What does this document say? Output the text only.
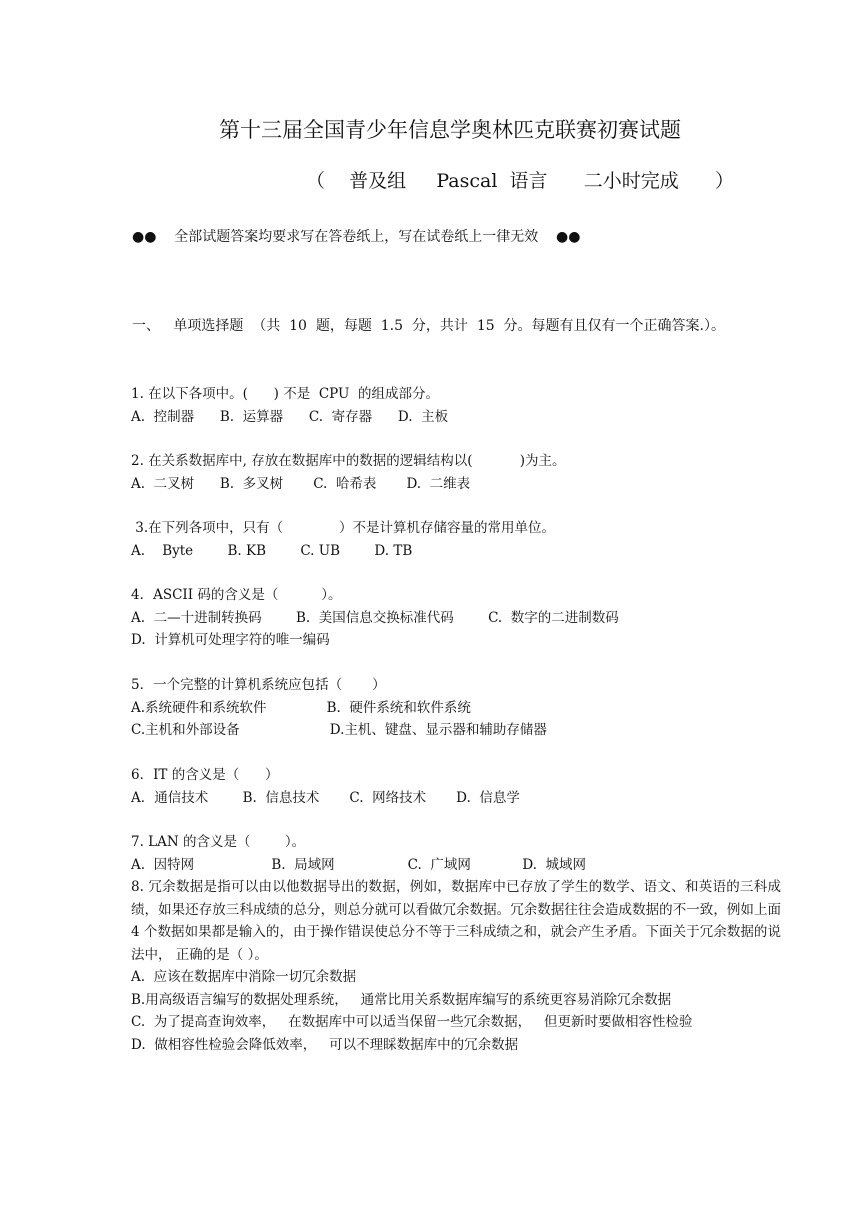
第十三届全国青少年信息学奥林匹克联赛初赛试题
（    普及组     Pascal  语言      二小时完成      ）
●●    全部试题答案均要求写在答卷纸上，写在试卷纸上一律无效    ●●
一、   单项选择题  （共  10  题，每题  1.5  分，共计  15  分。每题有且仅有一个正确答案.）。
1. 在以下各项中。(      ) 不是  CPU  的组成部分。
A.  控制器      B.  运算器      C.  寄存器      D.  主板
2. 在关系数据库中, 存放在数据库中的数据的逻辑结构以(           )为主。
A.  二叉树      B.  多叉树       C.  哈希表       D.  二维表
3.在下列各项中，只有（             ）不是计算机存储容量的常用单位。
A.    Byte        B. KB        C. UB        D. TB
4．ASCII 码的含义是（          ）。
A.  二—十进制转换码        B.  美国信息交换标准代码        C.  数字的二进制数码
D.  计算机可处理字符的唯一编码
5．一个完整的计算机系统应包括（       ）
A.系统硬件和系统软件              B.  硬件系统和软件系统
C.主机和外部设备                     D.主机、键盘、显示器和辅助存储器
6．IT 的含义是（      ）
A．通信技术        B.  信息技术       C.  网络技术       D.  信息学
7. LAN 的含义是（        ）。
A.  因特网                  B.  局域网                 C.  广域网            D.  城域网
8. 冗余数据是指可以由以他数据导出的数据，例如，数据库中已存放了学生的数学、语文、和英语的三科成绩，如果还存放三科成绩的总分，则总分就可以看做冗余数据。冗余数据往往会造成数据的不一致，例如上面 4 个数据如果都是输入的，由于操作错误使总分不等于三科成绩之和，就会产生矛盾。下面关于冗余数据的说法中， 正确的是（ ）。
A.  应该在数据库中消除一切冗余数据
B.用高级语言编写的数据处理系统，   通常比用关系数据库编写的系统更容易消除冗余数据
C.  为了提高查询效率，   在数据库中可以适当保留一些冗余数据，   但更新时要做相容性检验
D.  做相容性检验会降低效率，   可以不理睬数据库中的冗余数据
